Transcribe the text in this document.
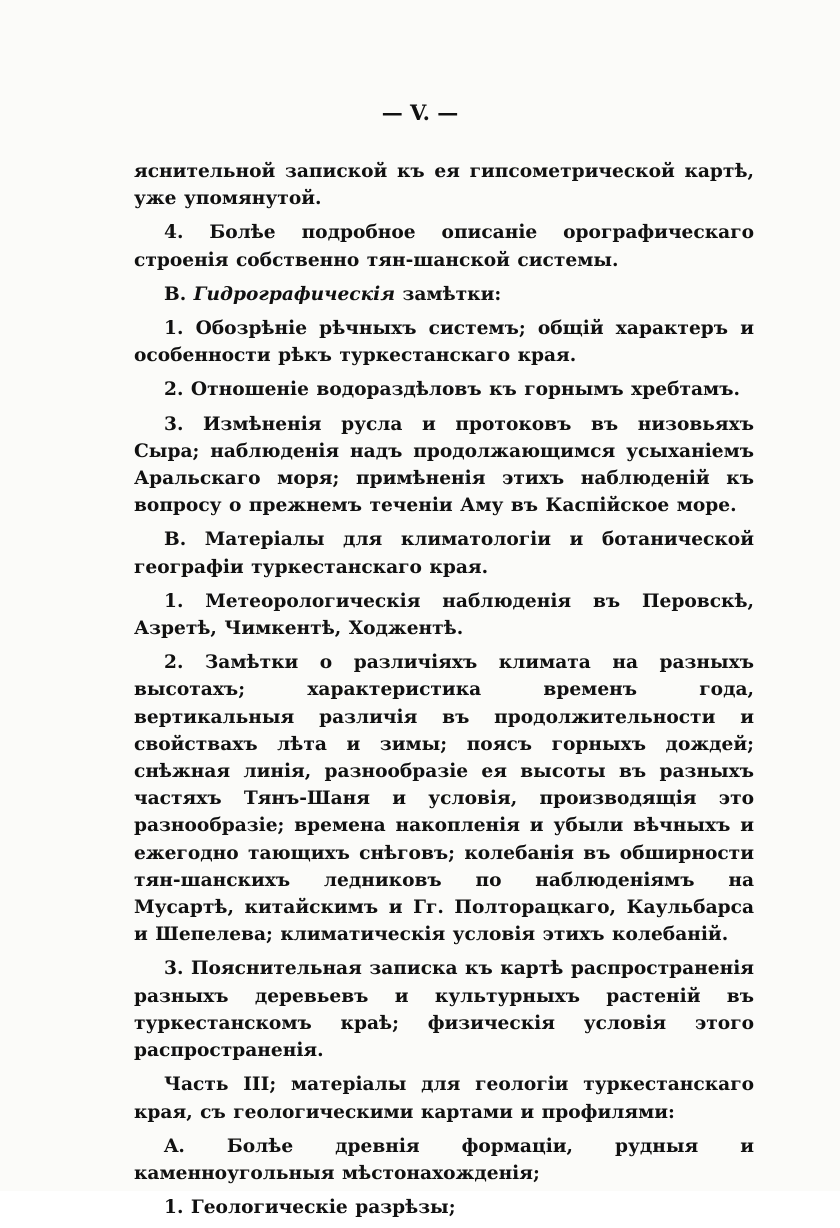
— V. —

яснительной запиской къ ея гипсометрической картѣ, уже упомянутой.

4. Болѣе подробное описаніе орографическаго строенія собственно тян-шанской системы.

B. Гидрографическія замѣтки:

1. Обозрѣніе рѣчныхъ системъ; общій характеръ и особенности рѣкъ туркестанскаго края.

2. Отношеніе водораздѣловъ къ горнымъ хребтамъ.

3. Измѣненія русла и протоковъ въ низовьяхъ Сыра; наблюденія надъ продолжающимся усыханіемъ Аральскаго моря; примѣненія этихъ наблюденій къ вопросу о прежнемъ теченіи Аму въ Каспійское море.

B. Матеріалы для климатологіи и ботанической географіи туркестанскаго края.

1. Метеорологическія наблюденія въ Перовскѣ, Азретѣ, Чимкентѣ, Ходжентѣ.

2. Замѣтки о различіяхъ климата на разныхъ высотахъ; характеристика временъ года, вертикальныя различія въ продолжительности и свойствахъ лѣта и зимы; поясъ горныхъ дождей; снѣжная линія, разнообразіе ея высоты въ разныхъ частяхъ Тянъ-Шаня и условія, производящія это разнообразіе; времена накопленія и убыли вѣчныхъ и ежегодно тающихъ снѣговъ; колебанія въ обширности тян-шанскихъ ледниковъ по наблюденіямъ на Мусартѣ, китайскимъ и Гг. Полторацкаго, Каульбарса и Шепелева; климатическія условія этихъ колебаній.

3. Пояснительная записка къ картѣ распространенія разныхъ деревьевъ и культурныхъ растеній въ туркестанскомъ краѣ; физическія условія этого распространенія.

Часть III; матеріалы для геологіи туркестанскаго края, съ геологическими картами и профилями:

A. Болѣе древнія формаціи, рудныя и каменноугольныя мѣстонахожденія;

1. Геологическіе разрѣзы;
